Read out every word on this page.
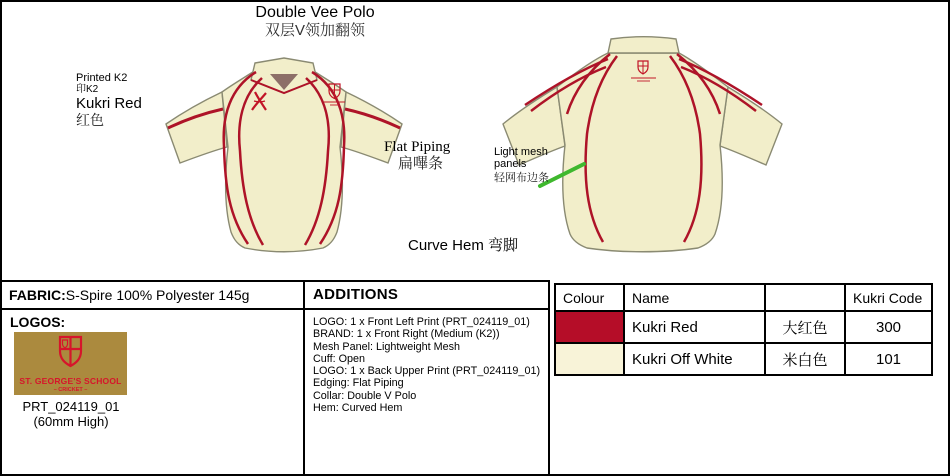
Double Vee Polo
双层V领加翻领
Printed K2
印K2
Kukri Red
红色
Flat Piping
扁嗶条
Light mesh
panels
轻网布边条
Curve Hem 弯脚
FABRIC:S-Spire 100% Polyester 145g
LOGOS:
ST. GEORGE'S SCHOOL
– CRICKET –
PRT_024119_01
(60mm High)
ADDITIONS
LOGO: 1 x Front Left Print (PRT_024119_01)
BRAND: 1 x Front Right (Medium (K2))
Mesh Panel: Lightweight Mesh
Cuff: Open
LOGO: 1 x Back Upper Print (PRT_024119_01)
Edging: Flat Piping
Collar: Double V Polo
Hem: Curved Hem
Colour	Name		Kukri Code
	Kukri Red	大红色	300
	Kukri Off White	米白色	101
